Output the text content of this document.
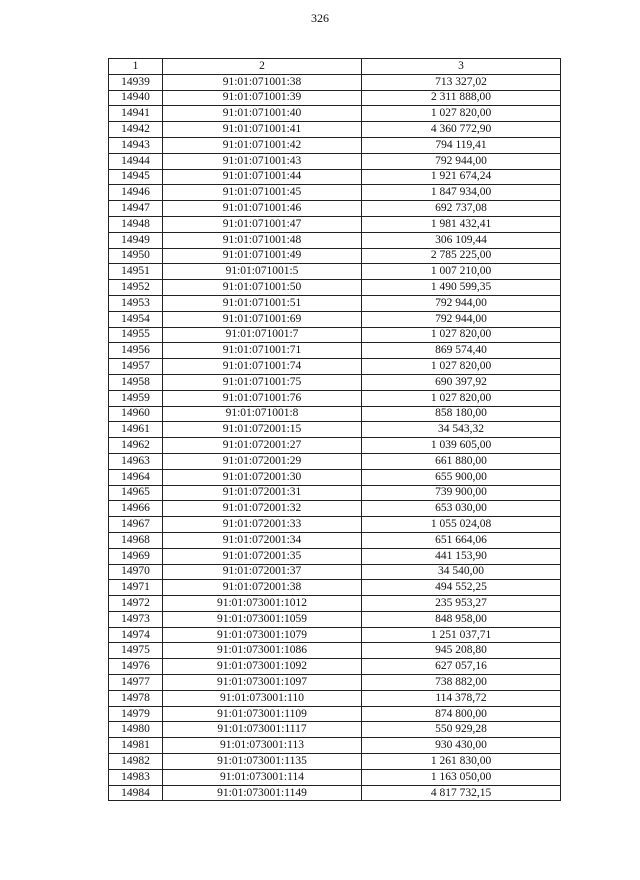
326
1	2	3
14939	91:01:071001:38	713 327,02
14940	91:01:071001:39	2 311 888,00
14941	91:01:071001:40	1 027 820,00
14942	91:01:071001:41	4 360 772,90
14943	91:01:071001:42	794 119,41
14944	91:01:071001:43	792 944,00
14945	91:01:071001:44	1 921 674,24
14946	91:01:071001:45	1 847 934,00
14947	91:01:071001:46	692 737,08
14948	91:01:071001:47	1 981 432,41
14949	91:01:071001:48	306 109,44
14950	91:01:071001:49	2 785 225,00
14951	91:01:071001:5	1 007 210,00
14952	91:01:071001:50	1 490 599,35
14953	91:01:071001:51	792 944,00
14954	91:01:071001:69	792 944,00
14955	91:01:071001:7	1 027 820,00
14956	91:01:071001:71	869 574,40
14957	91:01:071001:74	1 027 820,00
14958	91:01:071001:75	690 397,92
14959	91:01:071001:76	1 027 820,00
14960	91:01:071001:8	858 180,00
14961	91:01:072001:15	34 543,32
14962	91:01:072001:27	1 039 605,00
14963	91:01:072001:29	661 880,00
14964	91:01:072001:30	655 900,00
14965	91:01:072001:31	739 900,00
14966	91:01:072001:32	653 030,00
14967	91:01:072001:33	1 055 024,08
14968	91:01:072001:34	651 664,06
14969	91:01:072001:35	441 153,90
14970	91:01:072001:37	34 540,00
14971	91:01:072001:38	494 552,25
14972	91:01:073001:1012	235 953,27
14973	91:01:073001:1059	848 958,00
14974	91:01:073001:1079	1 251 037,71
14975	91:01:073001:1086	945 208,80
14976	91:01:073001:1092	627 057,16
14977	91:01:073001:1097	738 882,00
14978	91:01:073001:110	114 378,72
14979	91:01:073001:1109	874 800,00
14980	91:01:073001:1117	550 929,28
14981	91:01:073001:113	930 430,00
14982	91:01:073001:1135	1 261 830,00
14983	91:01:073001:114	1 163 050,00
14984	91:01:073001:1149	4 817 732,15
